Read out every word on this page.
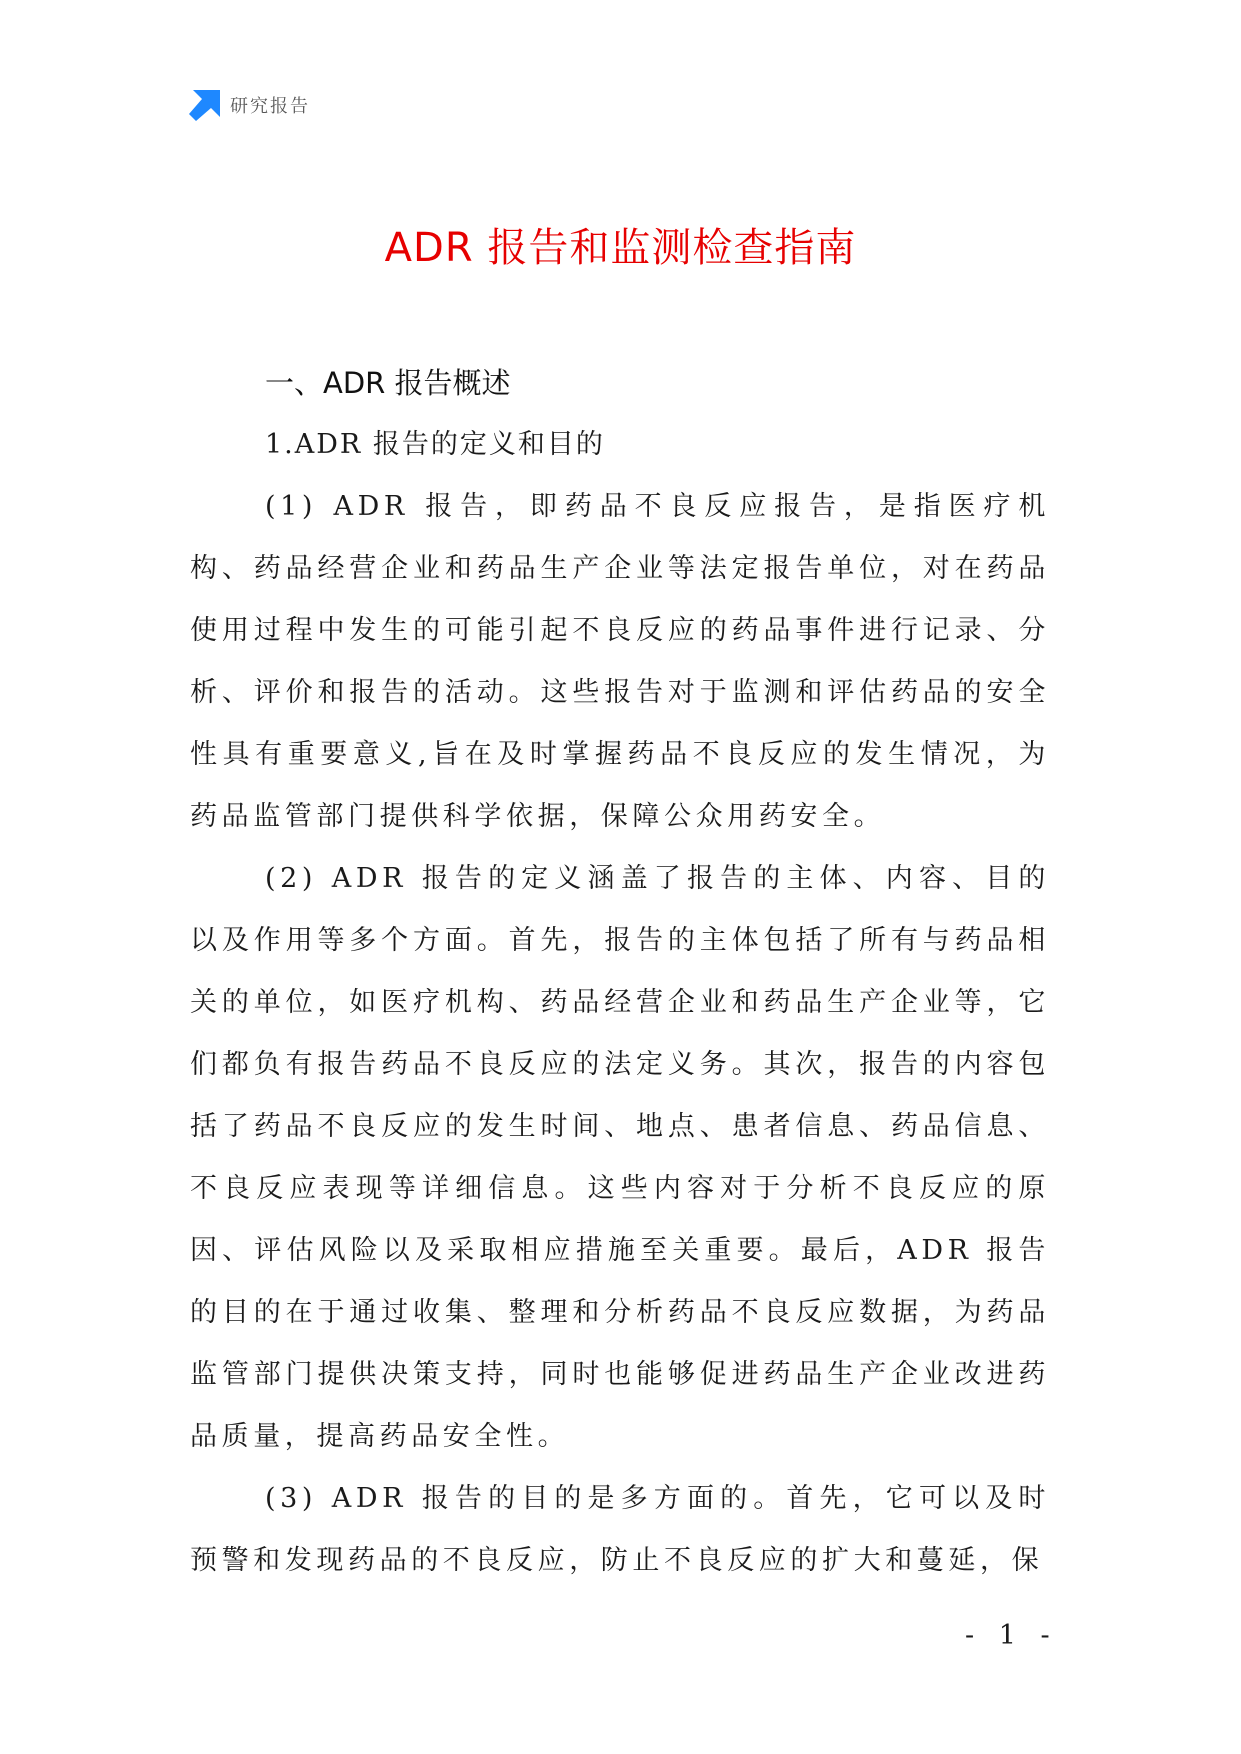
研究报告
ADR 报告和监测检查指南
一、ADR 报告概述
1.ADR 报告的定义和目的

(1) ADR 报告，即药品不良反应报告，是指医疗机构、药品经营企业和药品生产企业等法定报告单位，对在药品使用过程中发生的可能引起不良反应的药品事件进行记录、分析、评价和报告的活动。这些报告对于监测和评估药品的安全性具有重要意义,旨在及时掌握药品不良反应的发生情况，为药品监管部门提供科学依据，保障公众用药安全。

(2) ADR 报告的定义涵盖了报告的主体、内容、目的以及作用等多个方面。首先，报告的主体包括了所有与药品相关的单位，如医疗机构、药品经营企业和药品生产企业等，它们都负有报告药品不良反应的法定义务。其次，报告的内容包括了药品不良反应的发生时间、地点、患者信息、药品信息、不良反应表现等详细信息。这些内容对于分析不良反应的原因、评估风险以及采取相应措施至关重要。最后，ADR 报告的目的在于通过收集、整理和分析药品不良反应数据，为药品监管部门提供决策支持，同时也能够促进药品生产企业改进药品质量，提高药品安全性。

(3) ADR 报告的目的是多方面的。首先，它可以及时预警和发现药品的不良反应，防止不良反应的扩大和蔓延，保

- 1 -
